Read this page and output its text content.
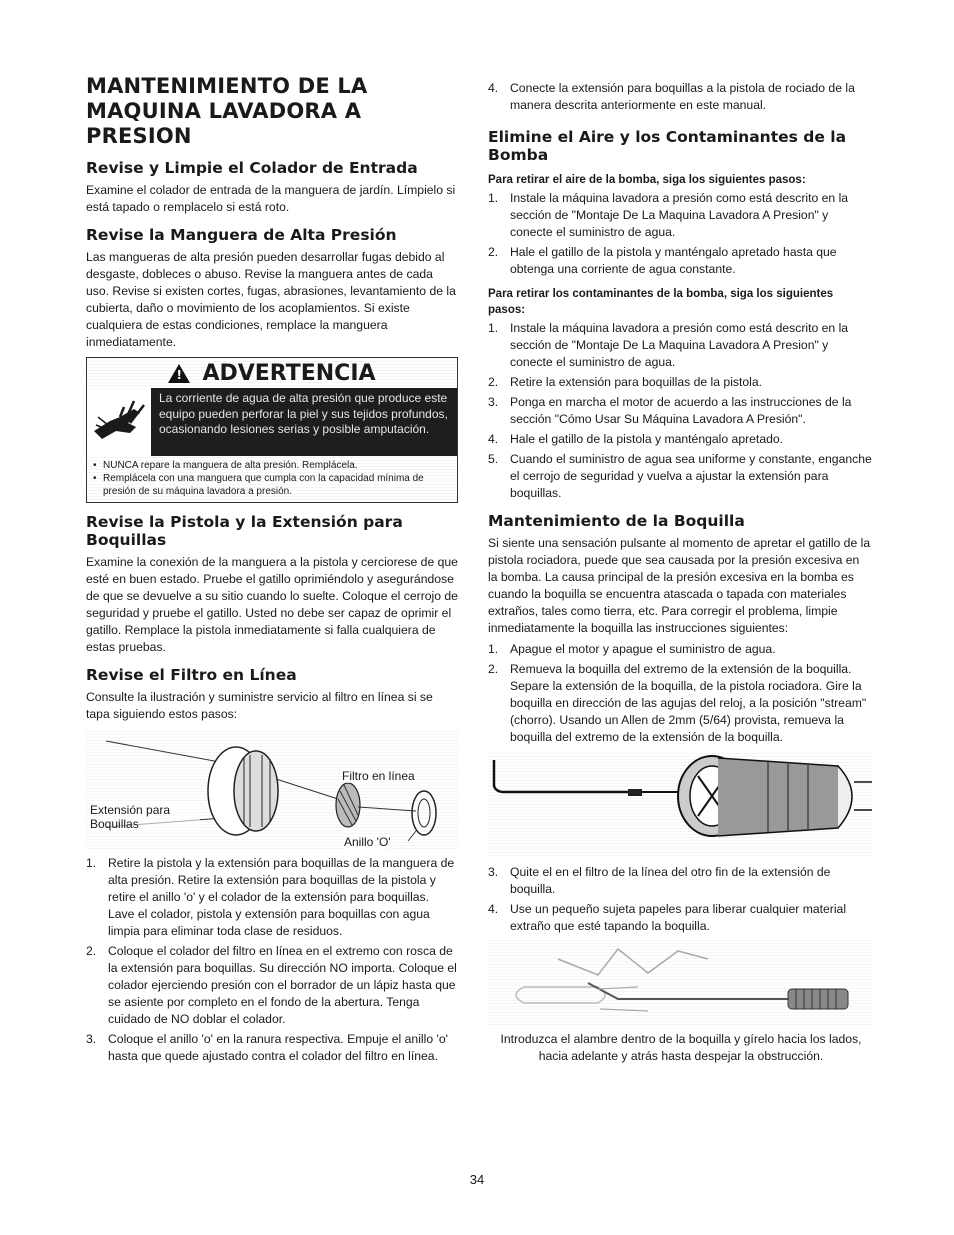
MANTENIMIENTO DE LA MAQUINA LAVADORA A PRESION
Revise y Limpie el Colador de Entrada

Examine el colador de entrada de la manguera de jardín. Límpielo si está tapado o remplacelo si está roto.

Revise la Manguera de Alta Presión

Las mangueras de alta presión pueden desarrollar fugas debido al desgaste, dobleces o abuso. Revise la manguera antes de cada uso. Revise si existen cortes, fugas, abrasiones, levantamiento de la cubierta, daño o movimiento de los acoplamientos. Si existe cualquiera de estas condiciones, remplace la manguera inmediatamente.

! ADVERTENCIA
La corriente de agua de alta presión que produce este equipo pueden perforar la piel y sus tejidos profundos, ocasionando lesiones serias y posible amputación.
• NUNCA repare la manguera de alta presión. Remplácela.
• Remplácela con una manguera que cumpla con la capacidad mínima de presión de su máquina lavadora a presión.
Revise la Pistola y la Extensión para Boquillas

Examine la conexión de la manguera a la pistola y cerciorese de que esté en buen estado. Pruebe el gatillo oprimiéndolo y asegurándose de que se devuelve a su sitio cuando lo suelte. Coloque el cerrojo de seguridad y pruebe el gatillo. Usted no debe ser capaz de oprimir el gatillo. Remplace la pistola inmediatamente si falla cualquiera de estas pruebas.

Revise el Filtro en Línea

Consulte la ilustración y suministre servicio al filtro en línea si se tapa siguiendo estos pasos:

Filtro en línea
Extensión para Boquillas
Anillo 'O'
1. Retire la pistola y la extensión para boquillas de la manguera de alta presión. Retire la extensión para boquillas de la pistola y retire el anillo 'o' y el colador de la extensión para boquillas. Lave el colador, pistola y extensión para boquillas con agua limpia para eliminar toda clase de residuos.
2. Coloque el colador del filtro en línea en el extremo con rosca de la extensión para boquillas. Su dirección NO importa. Coloque el colador ejerciendo presión con el borrador de un lápiz hasta que se asiente por completo en el fondo de la abertura. Tenga cuidado de NO doblar el colador.
3. Coloque el anillo 'o' en la ranura respectiva. Empuje el anillo 'o' hasta que quede ajustado contra el colador del filtro en línea.
4. Conecte la extensión para boquillas a la pistola de rociado de la manera descrita anteriormente en este manual.
Elimine el Aire y los Contaminantes de la Bomba
Para retirar el aire de la bomba, siga los siguientes pasos:
1. Instale la máquina lavadora a presión como está descrito en la sección de "Montaje De La Maquina Lavadora A Presion" y conecte el suministro de agua.
2. Hale el gatillo de la pistola y manténgalo apretado hasta que obtenga una corriente de agua constante.
Para retirar los contaminantes de la bomba, siga los siguientes pasos:
1. Instale la máquina lavadora a presión como está descrito en la sección de "Montaje De La Maquina Lavadora A Presion" y conecte el suministro de agua.
2. Retire la extensión para boquillas de la pistola.
3. Ponga en marcha el motor de acuerdo a las instrucciones de la sección "Cómo Usar Su Máquina Lavadora A Presión".
4. Hale el gatillo de la pistola y manténgalo apretado.
5. Cuando el suministro de agua sea uniforme y constante, enganche el cerrojo de seguridad y vuelva a ajustar la extensión para boquillas.
Mantenimiento de la Boquilla

Si siente una sensación pulsante al momento de apretar el gatillo de la pistola rociadora, puede que sea causada por la presión excesiva en la bomba. La causa principal de la presión excesiva en la bomba es cuando la boquilla se encuentra atascada o tapada con materiales extraños, tales como tierra, etc. Para corregir el problema, limpie inmediatamente la boquilla las instrucciones siguientes:

1. Apague el motor y apague el suministro de agua.
2. Remueva la boquilla del extremo de la extensión de la boquilla. Separe la extensión de la boquilla, de la pistola rociadora. Gire la boquilla en dirección de las agujas del reloj, a la posición "stream" (chorro). Usando un Allen de 2mm (5/64) provista, remueva la boquilla del extremo de la extensión de la boquilla.
3. Quite el en el filtro de la línea del otro fin de la extensión de boquilla.
4. Use un pequeño sujeta papeles para liberar cualquier material extraño que esté tapando la boquilla.

Introduzca el alambre dentro de la boquilla y gírelo hacia los lados, hacia adelante y atrás hasta despejar la obstrucción.

34
